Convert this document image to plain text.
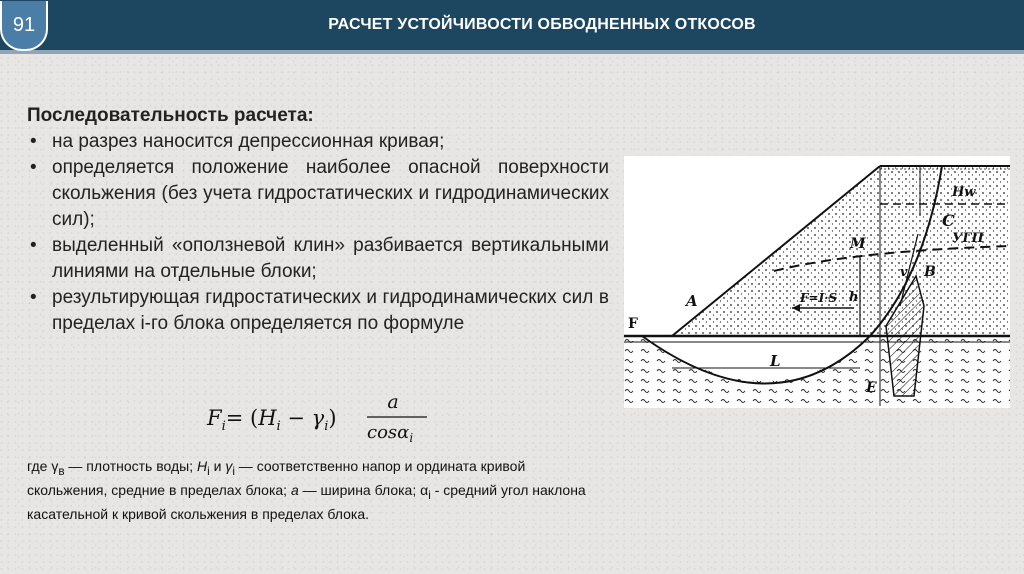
91	РАСЧЕТ УСТОЙЧИВОСТИ ОБВОДНЕННЫХ ОТКОСОВ
Последовательность расчета:
• на разрез наносится депрессионная кривая;
• определяется положение наиболее опасной поверхности скольжения (без учета гидростатических и гидродинамических сил);
• выделенный «оползневой клин» разбивается вертикальными линиями на отдельные блоки;
• результирующая гидростатических и гидродинамических сил в пределах i-го блока определяется по формуле
$F_i= (H_i - \gamma_i)$
a
cosα$_i$
где $\gamma_в$ — плотность воды; $H_i$ и $\gamma_i$ — соответственно напор и ордината кривой скольжения, средние в пределах блока; a — ширина блока; $\alpha_i$ - средний угол наклона касательной к кривой скольжения в пределах блока.
A
F
M
C
B
E
L
h
v
Hw
УГП
F=I·S
